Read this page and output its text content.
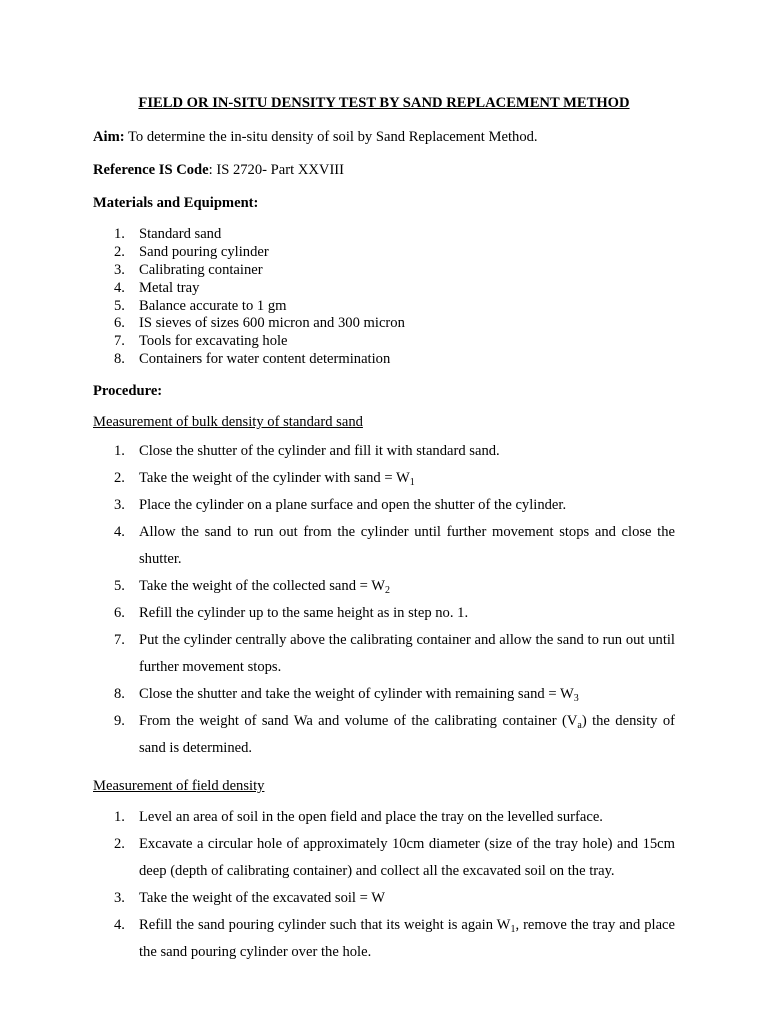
FIELD OR IN-SITU DENSITY TEST BY SAND REPLACEMENT METHOD
Aim: To determine the in-situ density of soil by Sand Replacement Method.
Reference IS Code: IS 2720- Part XXVIII
Materials and Equipment:
1. Standard sand
2. Sand pouring cylinder
3. Calibrating container
4. Metal tray
5. Balance accurate to 1 gm
6. IS sieves of sizes 600 micron and 300 micron
7. Tools for excavating hole
8. Containers for water content determination
Procedure:
Measurement of bulk density of standard sand
1. Close the shutter of the cylinder and fill it with standard sand.
2. Take the weight of the cylinder with sand = $W_1$
3. Place the cylinder on a plane surface and open the shutter of the cylinder.
4. Allow the sand to run out from the cylinder until further movement stops and close the shutter.
5. Take the weight of the collected sand = $W_2$
6. Refill the cylinder up to the same height as in step no. 1.
7. Put the cylinder centrally above the calibrating container and allow the sand to run out until further movement stops.
8. Close the shutter and take the weight of cylinder with remaining sand = $W_3$
9. From the weight of sand Wa and volume of the calibrating container $(V_a)$ the density of sand is determined.
Measurement of field density
1. Level an area of soil in the open field and place the tray on the levelled surface.
2. Excavate a circular hole of approximately 10cm diameter (size of the tray hole) and 15cm deep (depth of calibrating container) and collect all the excavated soil on the tray.
3. Take the weight of the excavated soil = W
4. Refill the sand pouring cylinder such that its weight is again $W_1$, remove the tray and place the sand pouring cylinder over the hole.
